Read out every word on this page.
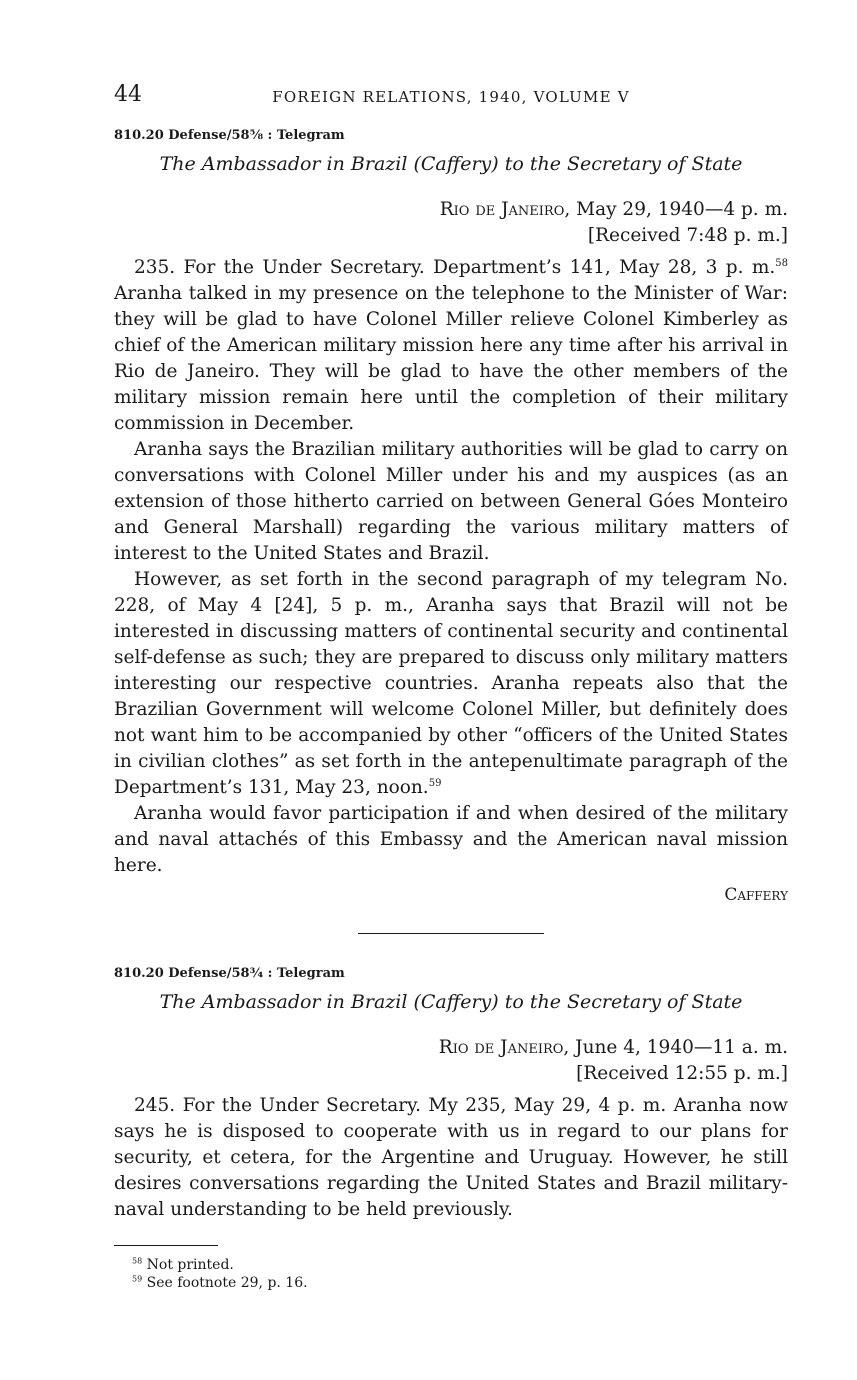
44	FOREIGN RELATIONS, 1940, VOLUME V
810.20 Defense/58⅝ : Telegram
The Ambassador in Brazil (Caffery) to the Secretary of State
Rio de Janeiro, May 29, 1940—4 p. m.
[Received 7:48 p. m.]

235. For the Under Secretary. Department’s 141, May 28, 3 p. m.$^{58}$ Aranha talked in my presence on the telephone to the Minister of War: they will be glad to have Colonel Miller relieve Colonel Kimberley as chief of the American military mission here any time after his arrival in Rio de Janeiro. They will be glad to have the other members of the military mission remain here until the completion of their military commission in December.

Aranha says the Brazilian military authorities will be glad to carry on conversations with Colonel Miller under his and my auspices (as an extension of those hitherto carried on between General Góes Monteiro and General Marshall) regarding the various military matters of interest to the United States and Brazil.

However, as set forth in the second paragraph of my telegram No. 228, of May 4 [24], 5 p. m., Aranha says that Brazil will not be interested in discussing matters of continental security and continental self-defense as such; they are prepared to discuss only military matters interesting our respective countries. Aranha repeats also that the Brazilian Government will welcome Colonel Miller, but definitely does not want him to be accompanied by other “officers of the United States in civilian clothes” as set forth in the antepenultimate paragraph of the Department’s 131, May 23, noon.$^{59}$

Aranha would favor participation if and when desired of the military and naval attachés of this Embassy and the American naval mission here.

Caffery
810.20 Defense/58¾ : Telegram
The Ambassador in Brazil (Caffery) to the Secretary of State
Rio de Janeiro, June 4, 1940—11 a. m.
[Received 12:55 p. m.]

245. For the Under Secretary. My 235, May 29, 4 p. m. Aranha now says he is disposed to cooperate with us in regard to our plans for security, et cetera, for the Argentine and Uruguay. However, he still desires conversations regarding the United States and Brazil military-naval understanding to be held previously.

$^{58}$ Not printed.
$^{59}$ See footnote 29, p. 16.
